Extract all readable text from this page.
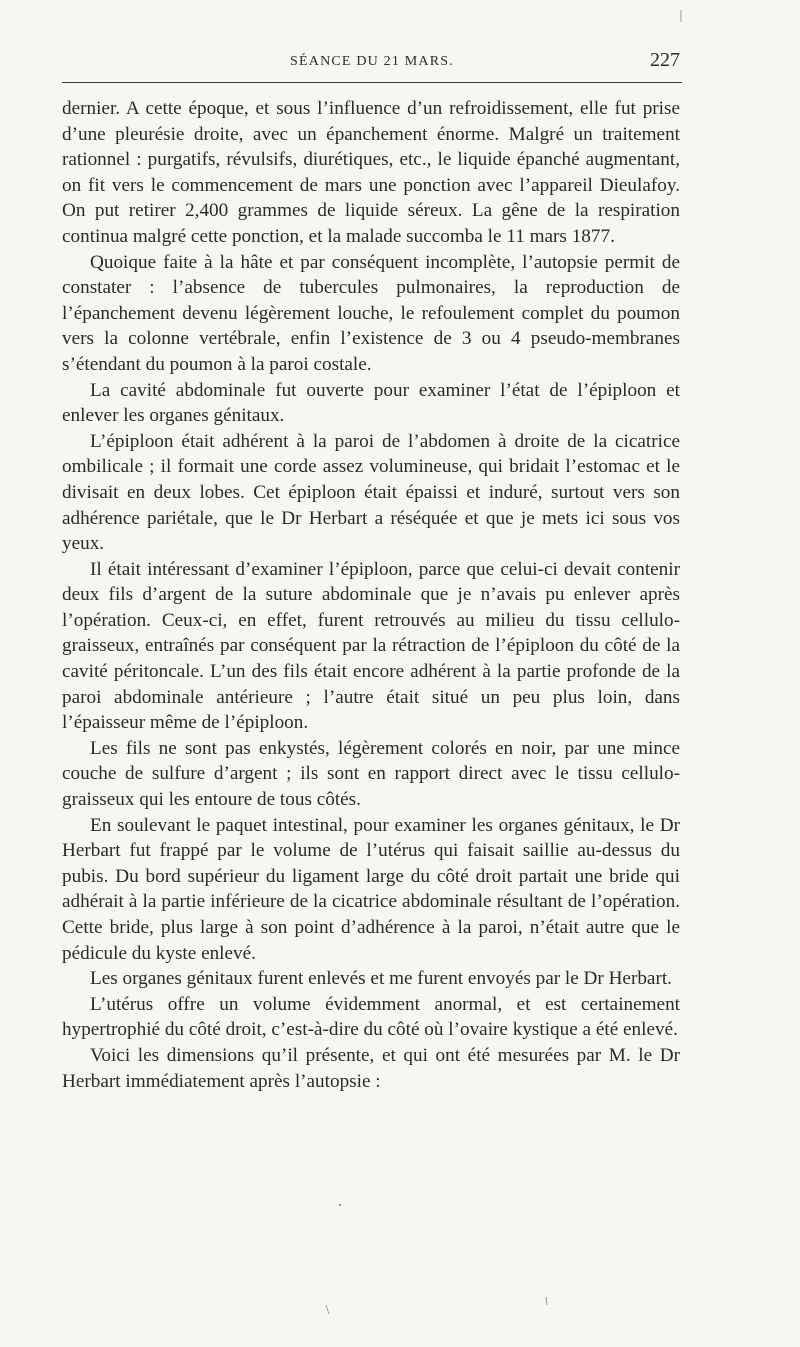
SÉANCE DU 21 MARS.	227

dernier. A cette époque, et sous l’influence d’un refroidissement, elle fut prise d’une pleurésie droite, avec un épanchement énorme. Malgré un traitement rationnel : purgatifs, révulsifs, diurétiques, etc., le liquide épanché augmentant, on fit vers le commencement de mars une ponction avec l’appareil Dieulafoy. On put retirer 2,400 grammes de liquide séreux. La gêne de la respiration continua malgré cette ponction, et la malade succomba le 11 mars 1877.

Quoique faite à la hâte et par conséquent incomplète, l’autopsie permit de constater : l’absence de tubercules pulmonaires, la reproduction de l’épanchement devenu légèrement louche, le refoulement complet du poumon vers la colonne vertébrale, enfin l’existence de 3 ou 4 pseudo-membranes s’étendant du poumon à la paroi costale.

La cavité abdominale fut ouverte pour examiner l’état de l’épiploon et enlever les organes génitaux.

L’épiploon était adhérent à la paroi de l’abdomen à droite de la cicatrice ombilicale ; il formait une corde assez volumineuse, qui bridait l’estomac et le divisait en deux lobes. Cet épiploon était épaissi et induré, surtout vers son adhérence pariétale, que le Dr Herbart a réséquée et que je mets ici sous vos yeux.

Il était intéressant d’examiner l’épiploon, parce que celui-ci devait contenir deux fils d’argent de la suture abdominale que je n’avais pu enlever après l’opération. Ceux-ci, en effet, furent retrouvés au milieu du tissu cellulo- graisseux, entraînés par conséquent par la rétraction de l’épiploon du côté de la cavité péritoncale. L’un des fils était encore adhérent à la partie profonde de la paroi abdominale antérieure ; l’autre était situé un peu plus loin, dans l’épaisseur même de l’épiploon.

Les fils ne sont pas enkystés, légèrement colorés en noir, par une mince couche de sulfure d’argent ; ils sont en rapport direct avec le tissu cellulo-graisseux qui les entoure de tous côtés.

En soulevant le paquet intestinal, pour examiner les organes génitaux, le Dr Herbart fut frappé par le volume de l’utérus qui faisait saillie au-dessus du pubis. Du bord supérieur du ligament large du côté droit partait une bride qui adhérait à la partie inférieure de la cicatrice abdominale résultant de l’opération. Cette bride, plus large à son point d’adhérence à la paroi, n’était autre que le pédicule du kyste enlevé.

Les organes génitaux furent enlevés et me furent envoyés par le Dr Herbart.

L’utérus offre un volume évidemment anormal, et est certainement hypertrophié du côté droit, c’est-à-dire du côté où l’ovaire kystique a été enlevé.

Voici les dimensions qu’il présente, et qui ont été mesurées par M. le Dr Herbart immédiatement après l’autopsie :
